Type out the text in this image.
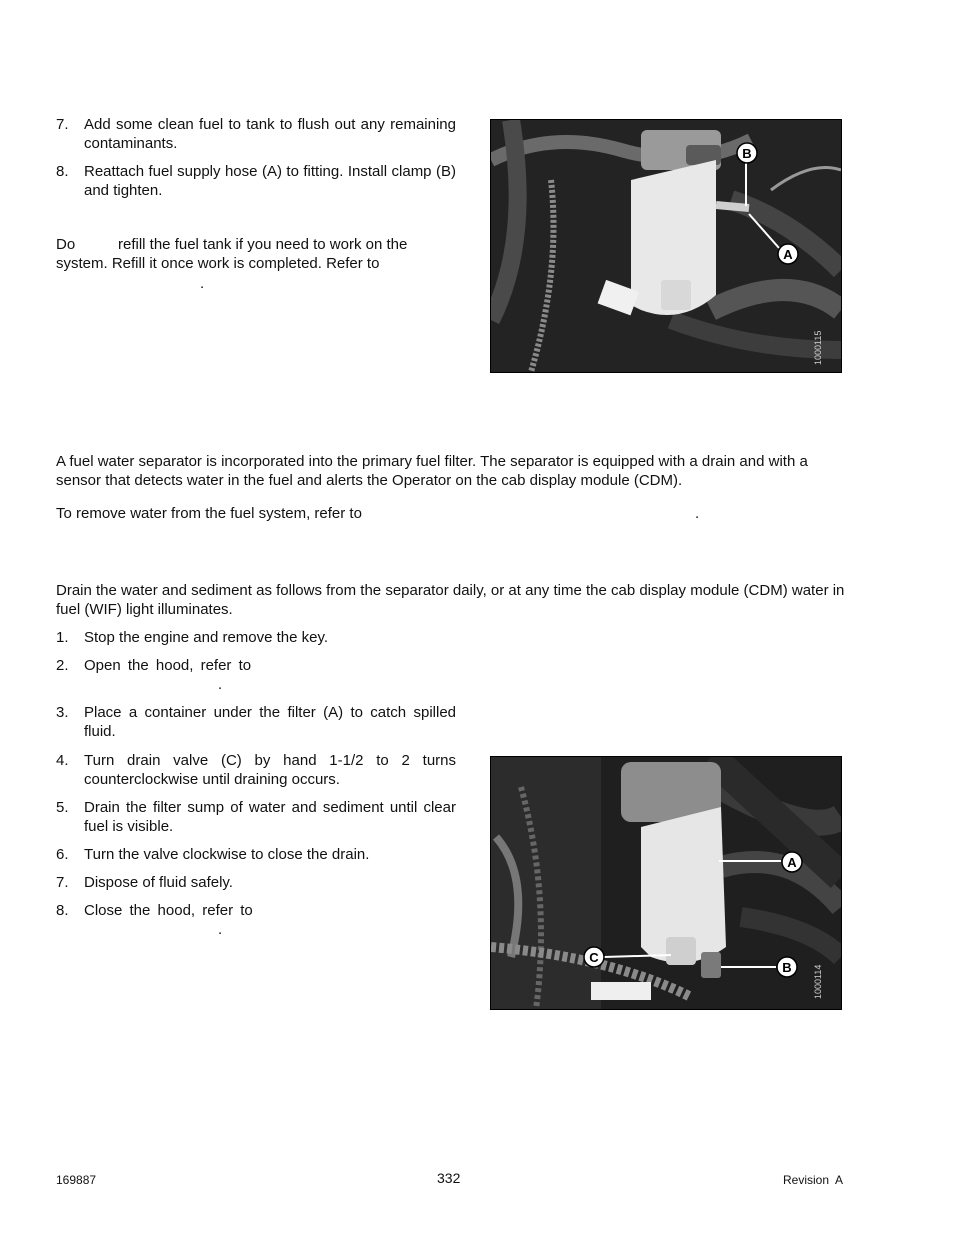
7. Add some clean fuel to tank to flush out any remaining contaminants.
8. Reattach fuel supply hose (A) to fitting. Install clamp (B) and tighten.
Do	refill the fuel tank if you need to work on the
system. Refill it once work is completed. Refer to
.
1000115
B
A
A fuel water separator is incorporated into the primary fuel filter. The separator is equipped with a drain and with a sensor that detects water in the fuel and alerts the Operator on the cab display module (CDM).
To remove water from the fuel system, refer to	.
Drain the water and sediment as follows from the separator daily, or at any time the cab display module (CDM) water in fuel (WIF) light illuminates.
1. Stop the engine and remove the key.
2. Open the hood, refer to
.
3. Place a container under the filter (A) to catch spilled fluid.
4. Turn drain valve (C) by hand 1-1/2 to 2 turns counterclockwise until draining occurs.
5. Drain the filter sump of water and sediment until clear fuel is visible.
6. Turn the valve clockwise to close the drain.
7. Dispose of fluid safely.
8. Close the hood, refer to
.
1000114
A
C
B
169887	332	Revision  A
